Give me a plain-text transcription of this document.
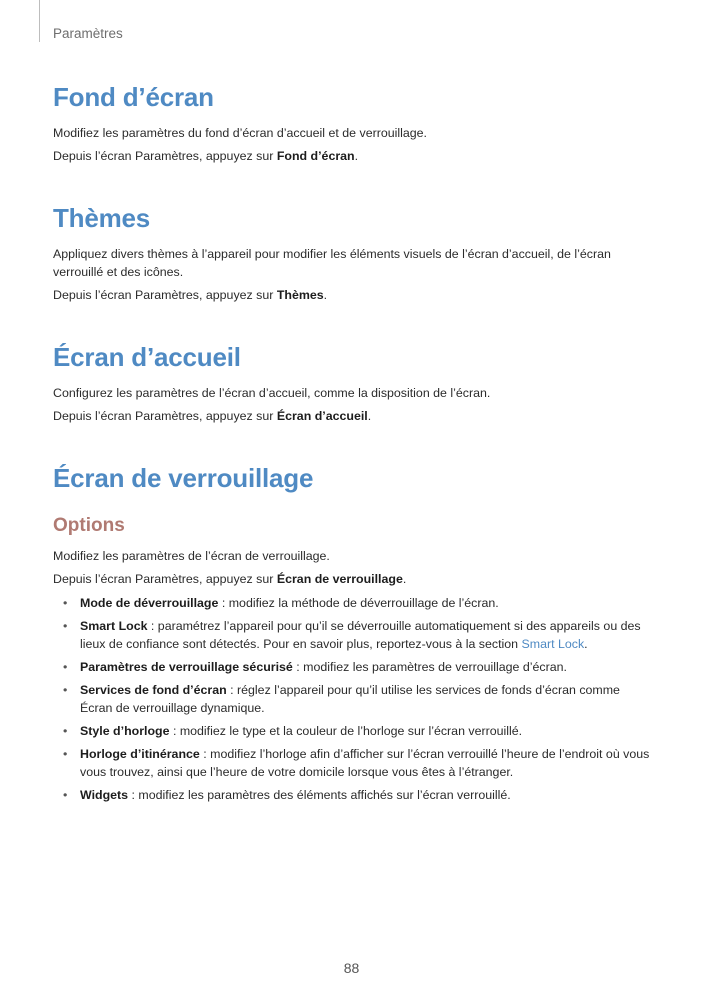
Paramètres
Fond d’écran

Modifiez les paramètres du fond d’écran d’accueil et de verrouillage.

Depuis l’écran Paramètres, appuyez sur Fond d’écran.

Thèmes

Appliquez divers thèmes à l’appareil pour modifier les éléments visuels de l’écran d’accueil, de l’écran verrouillé et des icônes.

Depuis l’écran Paramètres, appuyez sur Thèmes.

Écran d’accueil

Configurez les paramètres de l’écran d’accueil, comme la disposition de l’écran.

Depuis l’écran Paramètres, appuyez sur Écran d’accueil.

Écran de verrouillage
Options

Modifiez les paramètres de l’écran de verrouillage.

Depuis l’écran Paramètres, appuyez sur Écran de verrouillage.

• Mode de déverrouillage : modifiez la méthode de déverrouillage de l’écran.
• Smart Lock : paramétrez l’appareil pour qu’il se déverrouille automatiquement si des appareils ou des lieux de confiance sont détectés. Pour en savoir plus, reportez-vous à la section Smart Lock.
• Paramètres de verrouillage sécurisé : modifiez les paramètres de verrouillage d’écran.
• Services de fond d’écran : réglez l’appareil pour qu’il utilise les services de fonds d’écran comme Écran de verrouillage dynamique.
• Style d’horloge : modifiez le type et la couleur de l’horloge sur l’écran verrouillé.
• Horloge d’itinérance : modifiez l’horloge afin d’afficher sur l’écran verrouillé l’heure de l’endroit où vous vous trouvez, ainsi que l’heure de votre domicile lorsque vous êtes à l’étranger.
• Widgets : modifiez les paramètres des éléments affichés sur l’écran verrouillé.
88
